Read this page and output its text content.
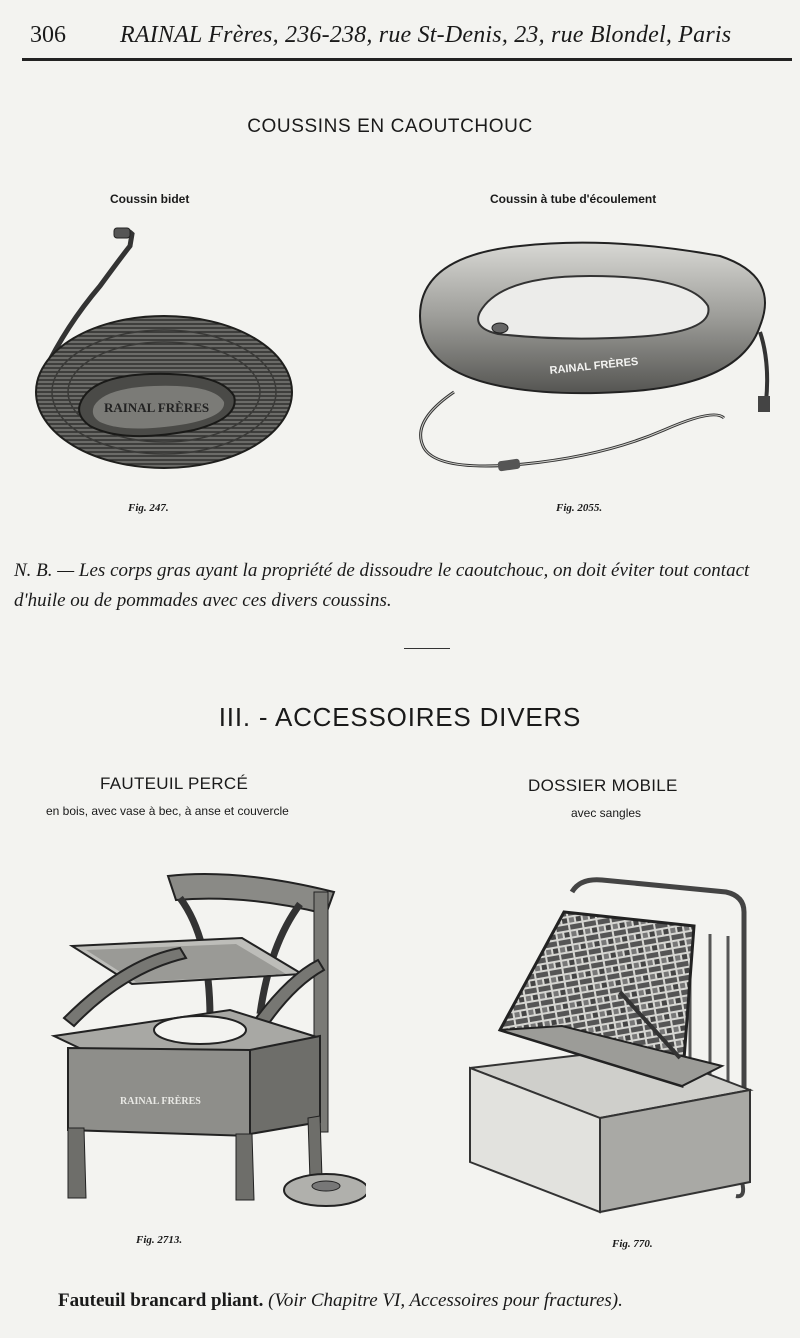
306 RAINAL Frères, 236-238, rue St-Denis, 23, rue Blondel, Paris
COUSSINS EN CAOUTCHOUC
Coussin bidet	Coussin à tube d'écoulement
RAINAL FRÈRES
Fig. 247.
RAINAL FRÈRES
Fig. 2055.
N. B. — Les corps gras ayant la propriété de dissoudre le caoutchouc, on doit éviter tout contact d'huile ou de pommades avec ces divers coussins.
III. - ACCESSOIRES DIVERS
FAUTEUIL PERCÉ
en bois, avec vase à bec, à anse et couvercle
DOSSIER MOBILE
avec sangles
RAINAL FRÈRES
Fig. 2713.	Fig. 770.
Fauteuil brancard pliant. (Voir Chapitre VI, Accessoires pour fractures).
